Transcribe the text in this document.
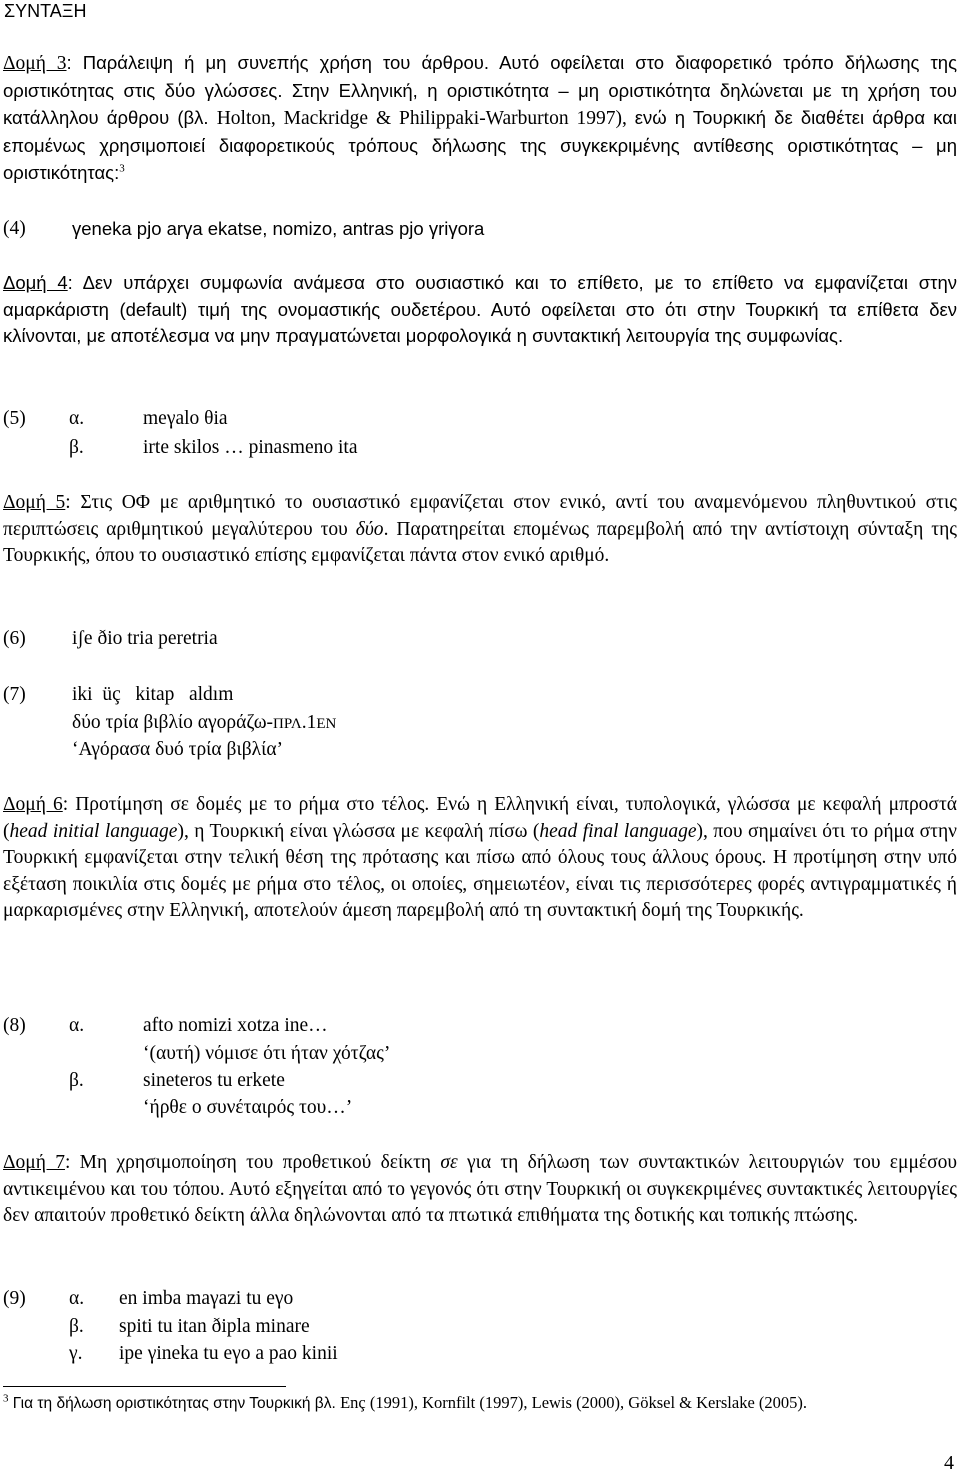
ΣΥΝΤΑΞΗ
Δομή 3: Παράλειψη ή μη συνεπής χρήση του άρθρου. Αυτό οφείλεται στο διαφορετικό τρόπο δήλωσης της οριστικότητας στις δύο γλώσσες. Στην Ελληνική, η οριστικότητα – μη οριστικότητα δηλώνεται με τη χρήση του κατάλληλου άρθρου (βλ. Holton, Mackridge & Philippaki-Warburton 1997), ενώ η Τουρκική δε διαθέτει άρθρα και επομένως χρησιμοποιεί διαφορετικούς τρόπους δήλωσης της συγκεκριμένης αντίθεσης οριστικότητας – μη οριστικότητας:$^3$
(4)	γeneka pjo arγa ekatse, nomizo, antras pjo γriγora
Δομή 4: Δεν υπάρχει συμφωνία ανάμεσα στο ουσιαστικό και το επίθετο, με το επίθετο να εμφανίζεται στην αμαρκάριστη (default) τιμή της ονομαστικής ουδετέρου. Αυτό οφείλεται στο ότι στην Τουρκική τα επίθετα δεν κλίνονται, με αποτέλεσμα να μην πραγματώνεται μορφολογικά η συντακτική λειτουργία της συμφωνίας.
(5) α.	meγalo θia
β.	irte skilos … pinasmeno ita
Δομή 5: Στις ΟΦ με αριθμητικό το ουσιαστικό εμφανίζεται στον ενικό, αντί του αναμενόμενου πληθυντικού στις περιπτώσεις αριθμητικού μεγαλύτερου του δύο. Παρατηρείται επομένως παρεμβολή από την αντίστοιχη σύνταξη της Τουρκικής, όπου το ουσιαστικό επίσης εμφανίζεται πάντα στον ενικό αριθμό.
(6) iʃe ðio tria peretria
(7) iki  üç   kitap   aldım
δύο τρία βιβλίο αγοράζω-ΠΡΛ.1ΕΝ
‘Αγόρασα δυό τρία βιβλία’
Δομή 6: Προτίμηση σε δομές με το ρήμα στο τέλος. Ενώ η Ελληνική είναι, τυπολογικά, γλώσσα με κεφαλή μπροστά (head initial language), η Τουρκική είναι γλώσσα με κεφαλή πίσω (head final language), που σημαίνει ότι το ρήμα στην Τουρκική εμφανίζεται στην τελική θέση της πρότασης και πίσω από όλους τους άλλους όρους. Η προτίμηση στην υπό εξέταση ποικιλία στις δομές με ρήμα στο τέλος, οι οποίες, σημειωτέον, είναι τις περισσότερες φορές αντιγραμματικές ή μαρκαρισμένες στην Ελληνική, αποτελούν άμεση παρεμβολή από τη συντακτική δομή της Τουρκικής.
(8) α.	afto nomizi xotza ine…
‘(αυτή) νόμισε ότι ήταν χότζας’
β.	sineteros tu erkete
‘ήρθε ο συνέταιρός του…’
Δομή 7: Μη χρησιμοποίηση του προθετικού δείκτη σε για τη δήλωση των συντακτικών λειτουργιών του εμμέσου αντικειμένου και του τόπου. Αυτό εξηγείται από το γεγονός ότι στην Τουρκική οι συγκεκριμένες συντακτικές λειτουργίες δεν απαιτούν προθετικό δείκτη άλλα δηλώνονται από τα πτωτικά επιθήματα της δοτικής και τοπικής πτώσης.
(9) α. en imba maγazi tu eγo
β. spiti tu itan ðipla minare
γ. ipe γineka tu eγo a pao kinii
$^3$ Για τη δήλωση οριστικότητας στην Τουρκική βλ. Enç (1991), Kornfilt (1997), Lewis (2000), Göksel & Kerslake (2005).
4
